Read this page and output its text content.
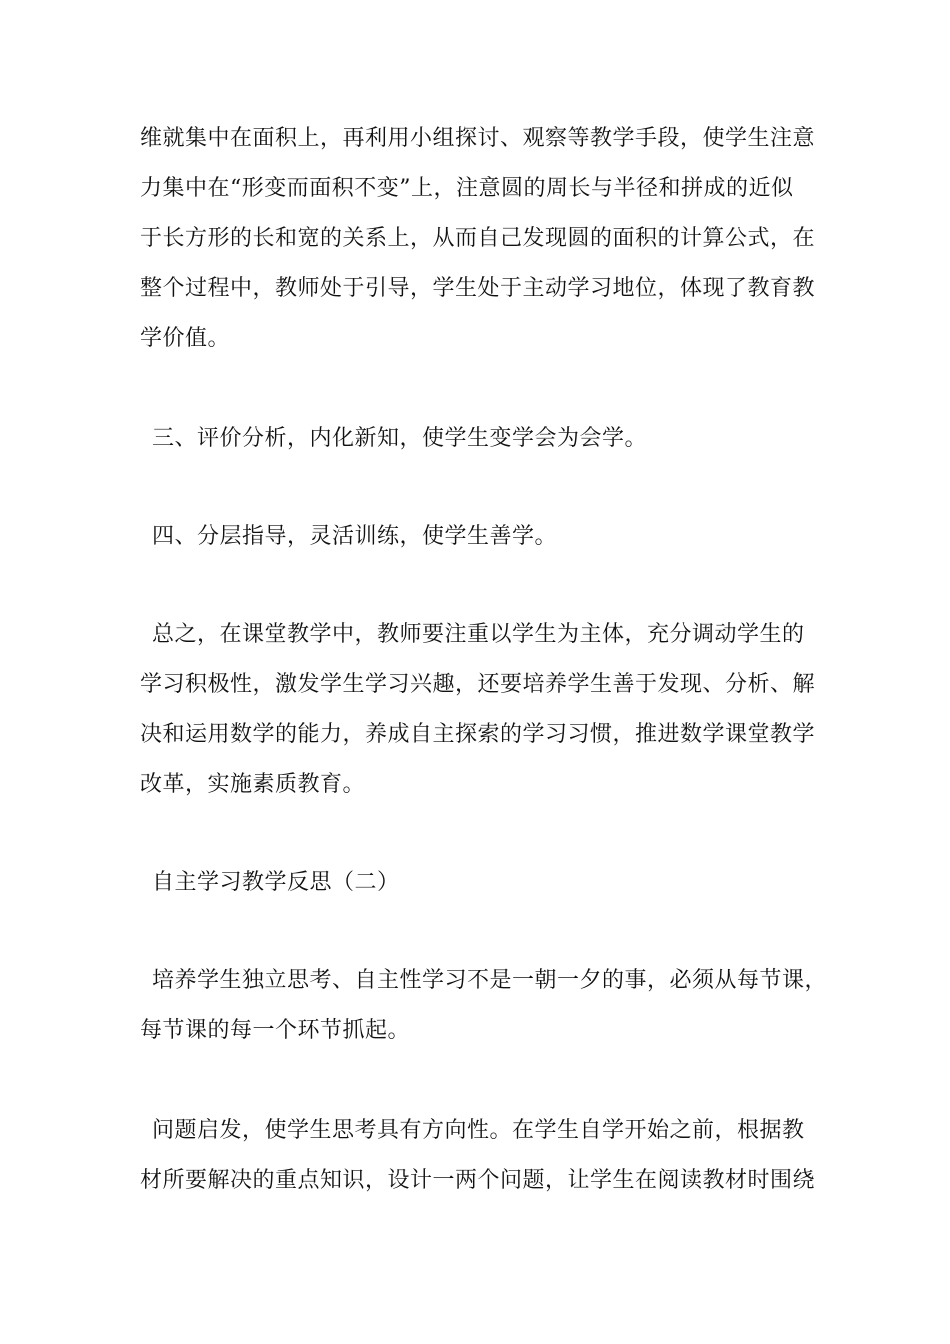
维就集中在面积上，再利用小组探讨、观察等教学手段，使学生注意
力集中在“形变而面积不变”上，注意圆的周长与半径和拼成的近似
于长方形的长和宽的关系上，从而自己发现圆的面积的计算公式，在
整个过程中，教师处于引导，学生处于主动学习地位，体现了教育教
学价值。
三、评价分析，内化新知，使学生变学会为会学。
四、分层指导，灵活训练，使学生善学。
总之，在课堂教学中，教师要注重以学生为主体，充分调动学生的
学习积极性，激发学生学习兴趣，还要培养学生善于发现、分析、解
决和运用数学的能力，养成自主探索的学习习惯，推进数学课堂教学
改革，实施素质教育。
自主学习教学反思（二）
培养学生独立思考、自主性学习不是一朝一夕的事，必须从每节课，
每节课的每一个环节抓起。
问题启发，使学生思考具有方向性。在学生自学开始之前，根据教
材所要解决的重点知识，设计一两个问题，让学生在阅读教材时围绕
